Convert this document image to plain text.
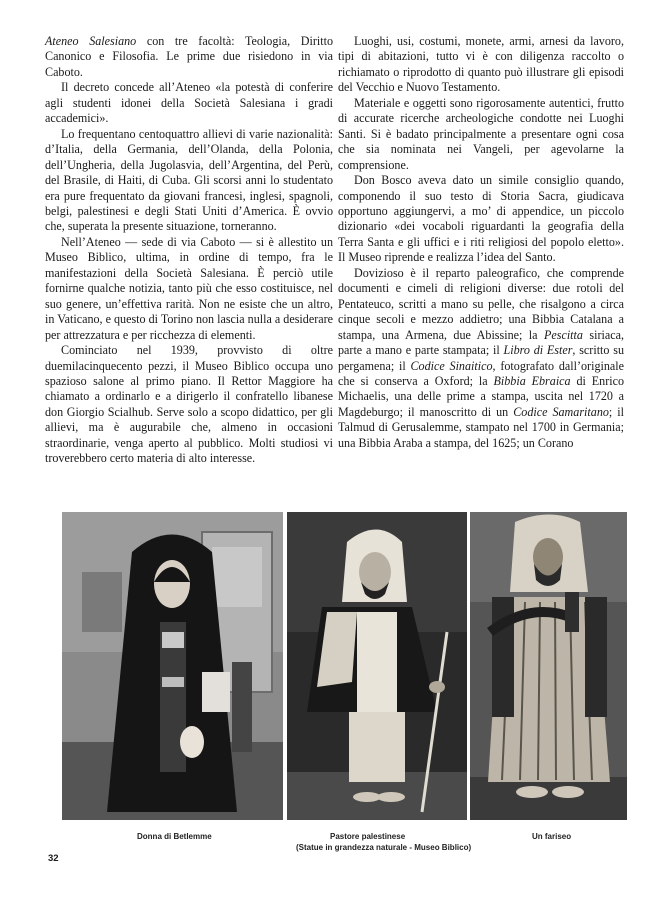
Ateneo Salesiano con tre facoltà: Teologia, Diritto Canonico e Filosofia. Le prime due risiedono in via Caboto.

Il decreto concede all’Ateneo «la potestà di conferire agli studenti idonei della Società Salesiana i gradi accademici».

Lo frequentano centoquattro allievi di varie nazionalità: d’Italia, della Germania, dell’Olanda, della Polonia, dell’Ungheria, della Jugolasvia, dell’Argentina, del Perù, del Brasile, di Haiti, di Cuba. Gli scorsi anni lo studentato era pure frequentato da giovani francesi, inglesi, spagnoli, belgi, palestinesi e degli Stati Uniti d’America. È ovvio che, superata la presente situazione, torneranno.

Nell’Ateneo — sede di via Caboto — si è allestito un Museo Biblico, ultima, in ordine di tempo, fra le manifestazioni della Società Salesiana. È perciò utile fornirne qualche notizia, tanto più che esso costituisce, nel suo genere, un’effettiva rarità. Non ne esiste che un altro, in Vaticano, e questo di Torino non lascia nulla a desiderare per attrezzatura e per ricchezza di elementi.

Cominciato nel 1939, provvisto di oltre duemilacinquecento pezzi, il Museo Biblico occupa uno spazioso salone al primo piano. Il Rettor Maggiore ha chiamato a ordinarlo e a dirigerlo il confratello libanese don Giorgio Scialhub. Serve solo a scopo didattico, per gli allievi, ma è augurabile che, almeno in occasioni straordinarie, venga aperto al pubblico. Molti studiosi vi troverebbero certo materia di alto interesse.

Luoghi, usi, costumi, monete, armi, arnesi da lavoro, tipi di abitazioni, tutto vi è con diligenza raccolto o richiamato o riprodotto di quanto può illustrare gli episodi del Vecchio e Nuovo Testamento.

Materiale e oggetti sono rigorosamente autentici, frutto di accurate ricerche archeologiche condotte nei Luoghi Santi. Si è badato principalmente a presentare ogni cosa che sia nominata nei Vangeli, per agevolarne la comprensione.

Don Bosco aveva dato un simile consiglio quando, componendo il suo testo di Storia Sacra, giudicava opportuno aggiungervi, a mo’ di appendice, un piccolo dizionario «dei vocaboli riguardanti la geografia della Terra Santa e gli uffici e i riti religiosi del popolo eletto». Il Museo riprende e realizza l’idea del Santo.

Dovizioso è il reparto paleografico, che comprende documenti e cimeli di religioni diverse: due rotoli del Pentateuco, scritti a mano su pelle, che risalgono a circa cinque secoli e mezzo addietro; una Bibbia Catalana a stampa, una Armena, due Abissine; la Pescitta siriaca, parte a mano e parte stampata; il Libro di Ester, scritto su pergamena; il Codice Sinaitico, fotografato dall’originale che si conserva a Oxford; la Bibbia Ebraica di Enrico Michaelis, una delle prime a stampa, uscita nel 1720 a Magdeburgo; il manoscritto di un Codice Samaritano; il Talmud di Gerusalemme, stampato nel 1700 in Germania; una Bibbia Araba a stampa, del 1625; un Corano

Donna di Betlemme	Pastore palestinese
(Statue in grandezza naturale - Museo Biblico)
Un fariseo
32
